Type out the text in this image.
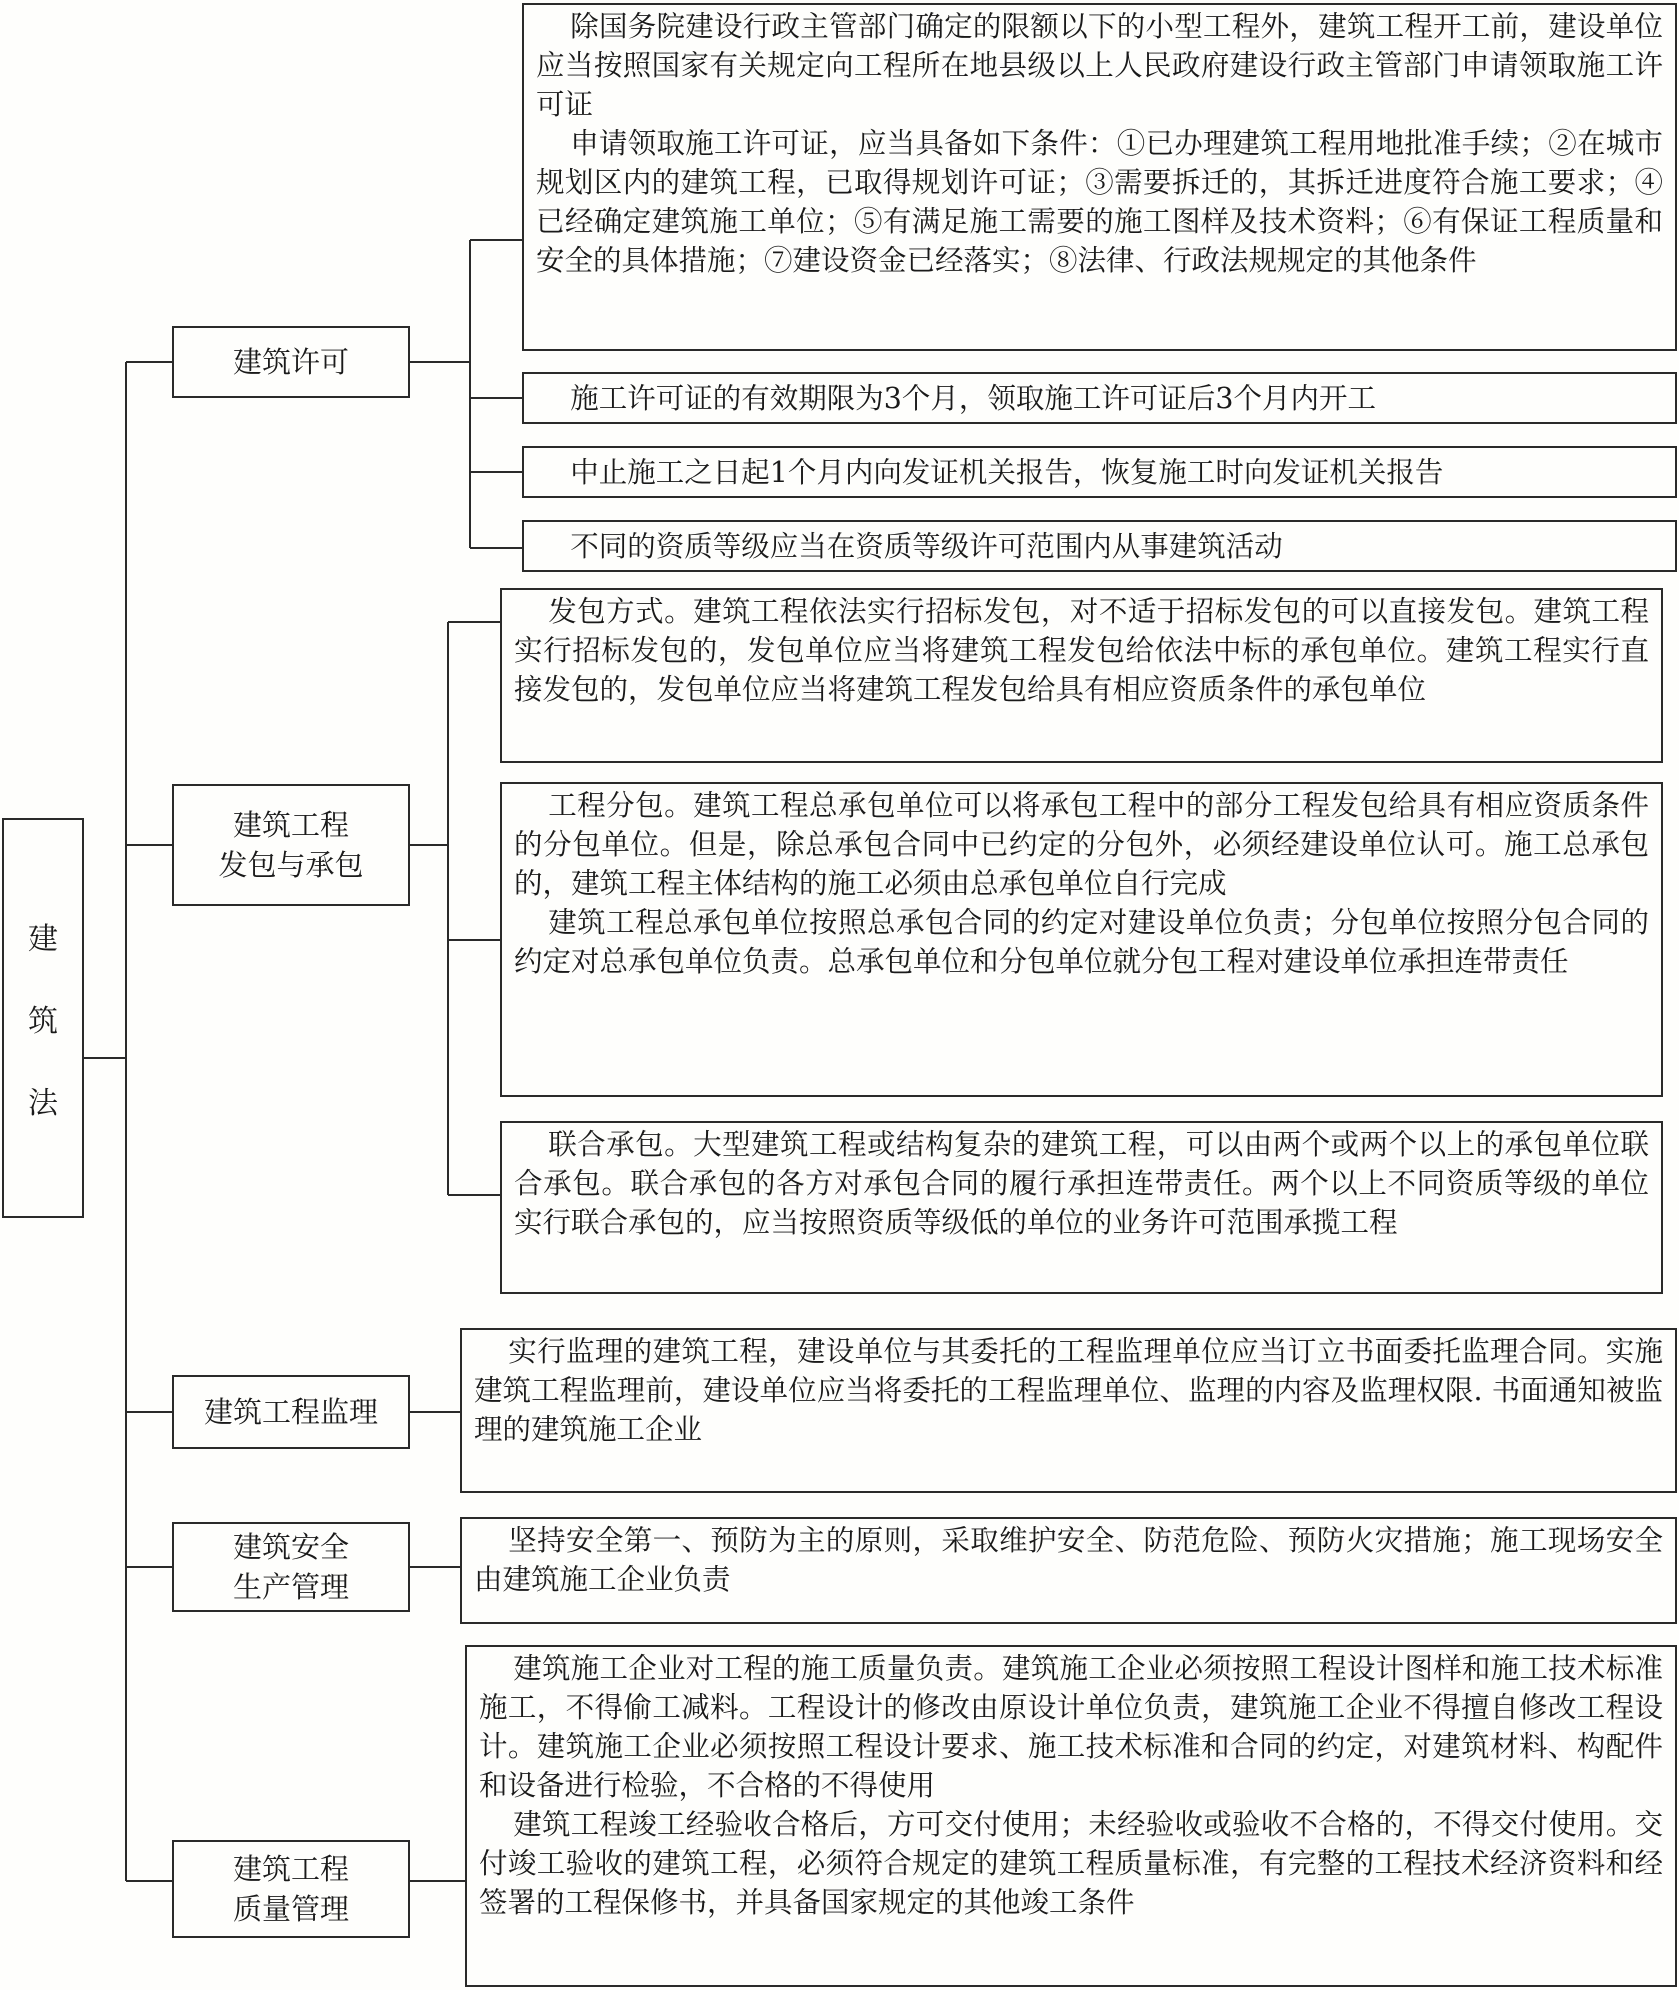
建
筑
法
建筑许可

除国务院建设行政主管部门确定的限额以下的小型工程外，建筑工程开工前，建设单位应当按照国家有关规定向工程所在地县级以上人民政府建设行政主管部门申请领取施工许可证

申请领取施工许可证，应当具备如下条件：①已办理建筑工程用地批准手续；②在城市规划区内的建筑工程，已取得规划许可证；③需要拆迁的，其拆迁进度符合施工要求；④已经确定建筑施工单位；⑤有满足施工需要的施工图样及技术资料；⑥有保证工程质量和安全的具体措施；⑦建设资金已经落实；⑧法律、行政法规规定的其他条件

施工许可证的有效期限为3个月，领取施工许可证后3个月内开工

中止施工之日起1个月内向发证机关报告，恢复施工时向发证机关报告

不同的资质等级应当在资质等级许可范围内从事建筑活动

建筑工程
发包与承包

发包方式。建筑工程依法实行招标发包，对不适于招标发包的可以直接发包。建筑工程实行招标发包的，发包单位应当将建筑工程发包给依法中标的承包单位。建筑工程实行直接发包的，发包单位应当将建筑工程发包给具有相应资质条件的承包单位

工程分包。建筑工程总承包单位可以将承包工程中的部分工程发包给具有相应资质条件的分包单位。但是，除总承包合同中已约定的分包外，必须经建设单位认可。施工总承包的，建筑工程主体结构的施工必须由总承包单位自行完成

建筑工程总承包单位按照总承包合同的约定对建设单位负责；分包单位按照分包合同的约定对总承包单位负责。总承包单位和分包单位就分包工程对建设单位承担连带责任

联合承包。大型建筑工程或结构复杂的建筑工程，可以由两个或两个以上的承包单位联合承包。联合承包的各方对承包合同的履行承担连带责任。两个以上不同资质等级的单位实行联合承包的，应当按照资质等级低的单位的业务许可范围承揽工程

建筑工程监理

实行监理的建筑工程，建设单位与其委托的工程监理单位应当订立书面委托监理合同。实施建筑工程监理前，建设单位应当将委托的工程监理单位、监理的内容及监理权限. 书面通知被监理的建筑施工企业

建筑安全
生产管理

坚持安全第一、预防为主的原则，采取维护安全、防范危险、预防火灾措施；施工现场安全由建筑施工企业负责

建筑工程
质量管理

建筑施工企业对工程的施工质量负责。建筑施工企业必须按照工程设计图样和施工技术标准施工，不得偷工减料。工程设计的修改由原设计单位负责，建筑施工企业不得擅自修改工程设计。建筑施工企业必须按照工程设计要求、施工技术标准和合同的约定，对建筑材料、构配件和设备进行检验，不合格的不得使用

建筑工程竣工经验收合格后，方可交付使用；未经验收或验收不合格的，不得交付使用。交付竣工验收的建筑工程，必须符合规定的建筑工程质量标准，有完整的工程技术经济资料和经签署的工程保修书，并具备国家规定的其他竣工条件
